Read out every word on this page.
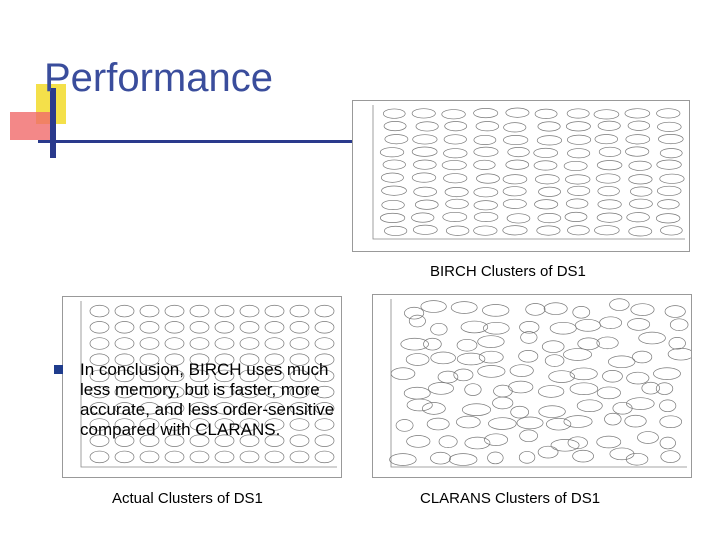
Performance
BIRCH Clusters of DS1
Actual Clusters of DS1	CLARANS Clusters of DS1
In conclusion, BIRCH uses much less memory, but is faster, more accurate, and less order-sensitive compared with CLARANS.
